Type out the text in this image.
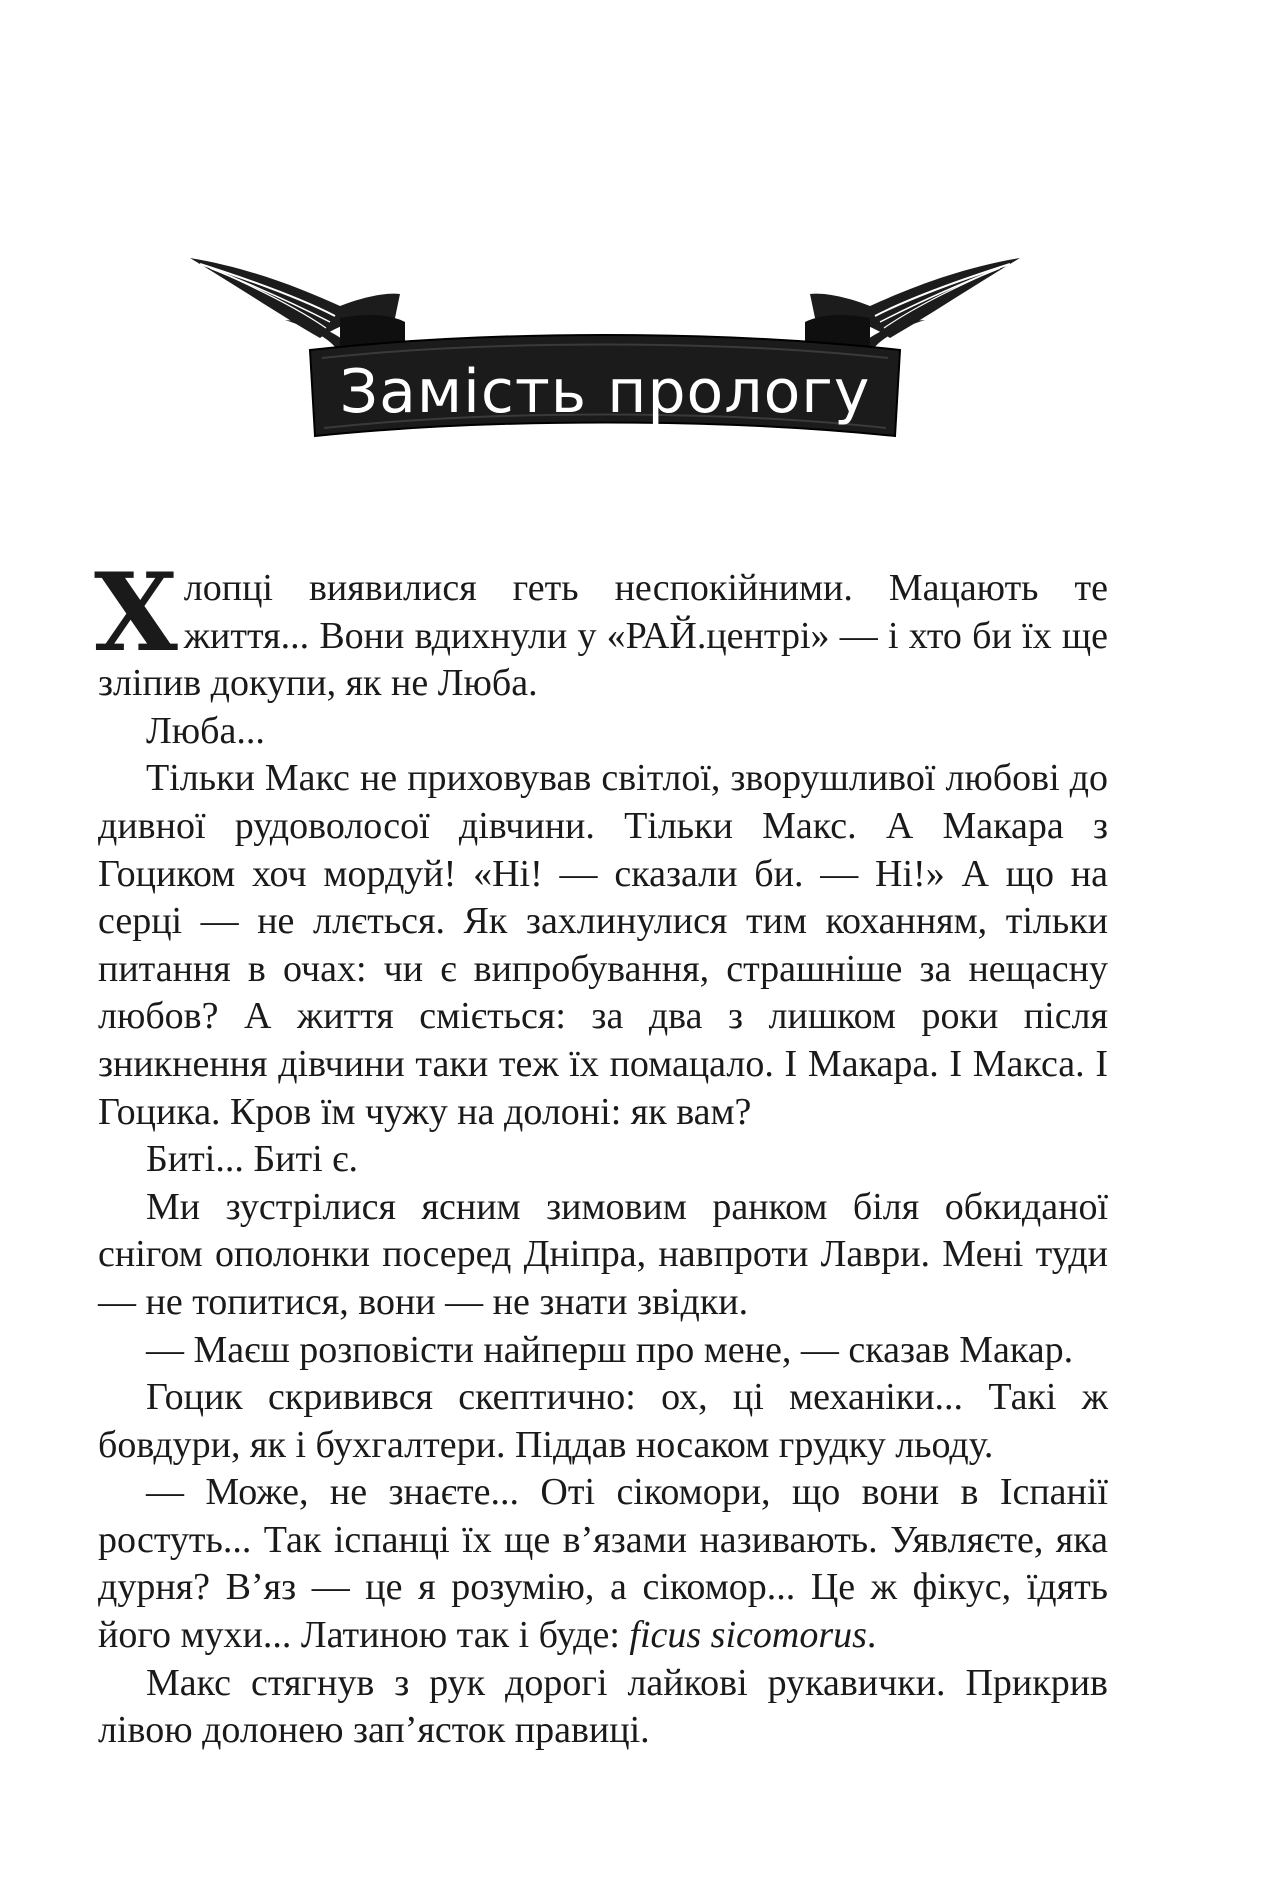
Замість прологу

Хлопці виявилися геть неспокійними. Мацають те життя... Вони вдихнули у «РАЙ.центрі» — і хто би їх ще зліпив докупи, як не Люба.

Люба...

Тільки Макс не приховував світлої, зворушливої любові до дивної рудоволосої дівчини. Тільки Макс. А Макара з Гоциком хоч мордуй! «Ні! — сказали би. — Ні!» А що на серці — не ллється. Як захлинулися тим коханням, тільки питання в очах: чи є випробування, страшніше за нещасну любов? А життя сміється: за два з лишком роки після зникнення дівчини таки теж їх помацало. І Макара. І Макса. І Гоцика. Кров їм чужу на долоні: як вам?

Биті... Биті є.

Ми зустрілися ясним зимовим ранком біля обкиданої снігом ополонки посеред Дніпра, навпроти Лаври. Мені туди — не топитися, вони — не знати звідки.

— Маєш розповісти найперш про мене, — сказав Макар.

Гоцик скривився скептично: ох, ці механіки... Такі ж бовдури, як і бухгалтери. Піддав носаком грудку льоду.

— Може, не знаєте... Оті сікомори, що вони в Іспанії ростуть... Так іспанці їх ще в’язами називають. Уявляєте, яка дурня? В’яз — це я розумію, а сікомор... Це ж фікус, їдять його мухи... Латиною так і буде: ficus sicomorus.

Макс стягнув з рук дорогі лайкові рукавички. Прикрив лівою долонею зап’ясток правиці.
